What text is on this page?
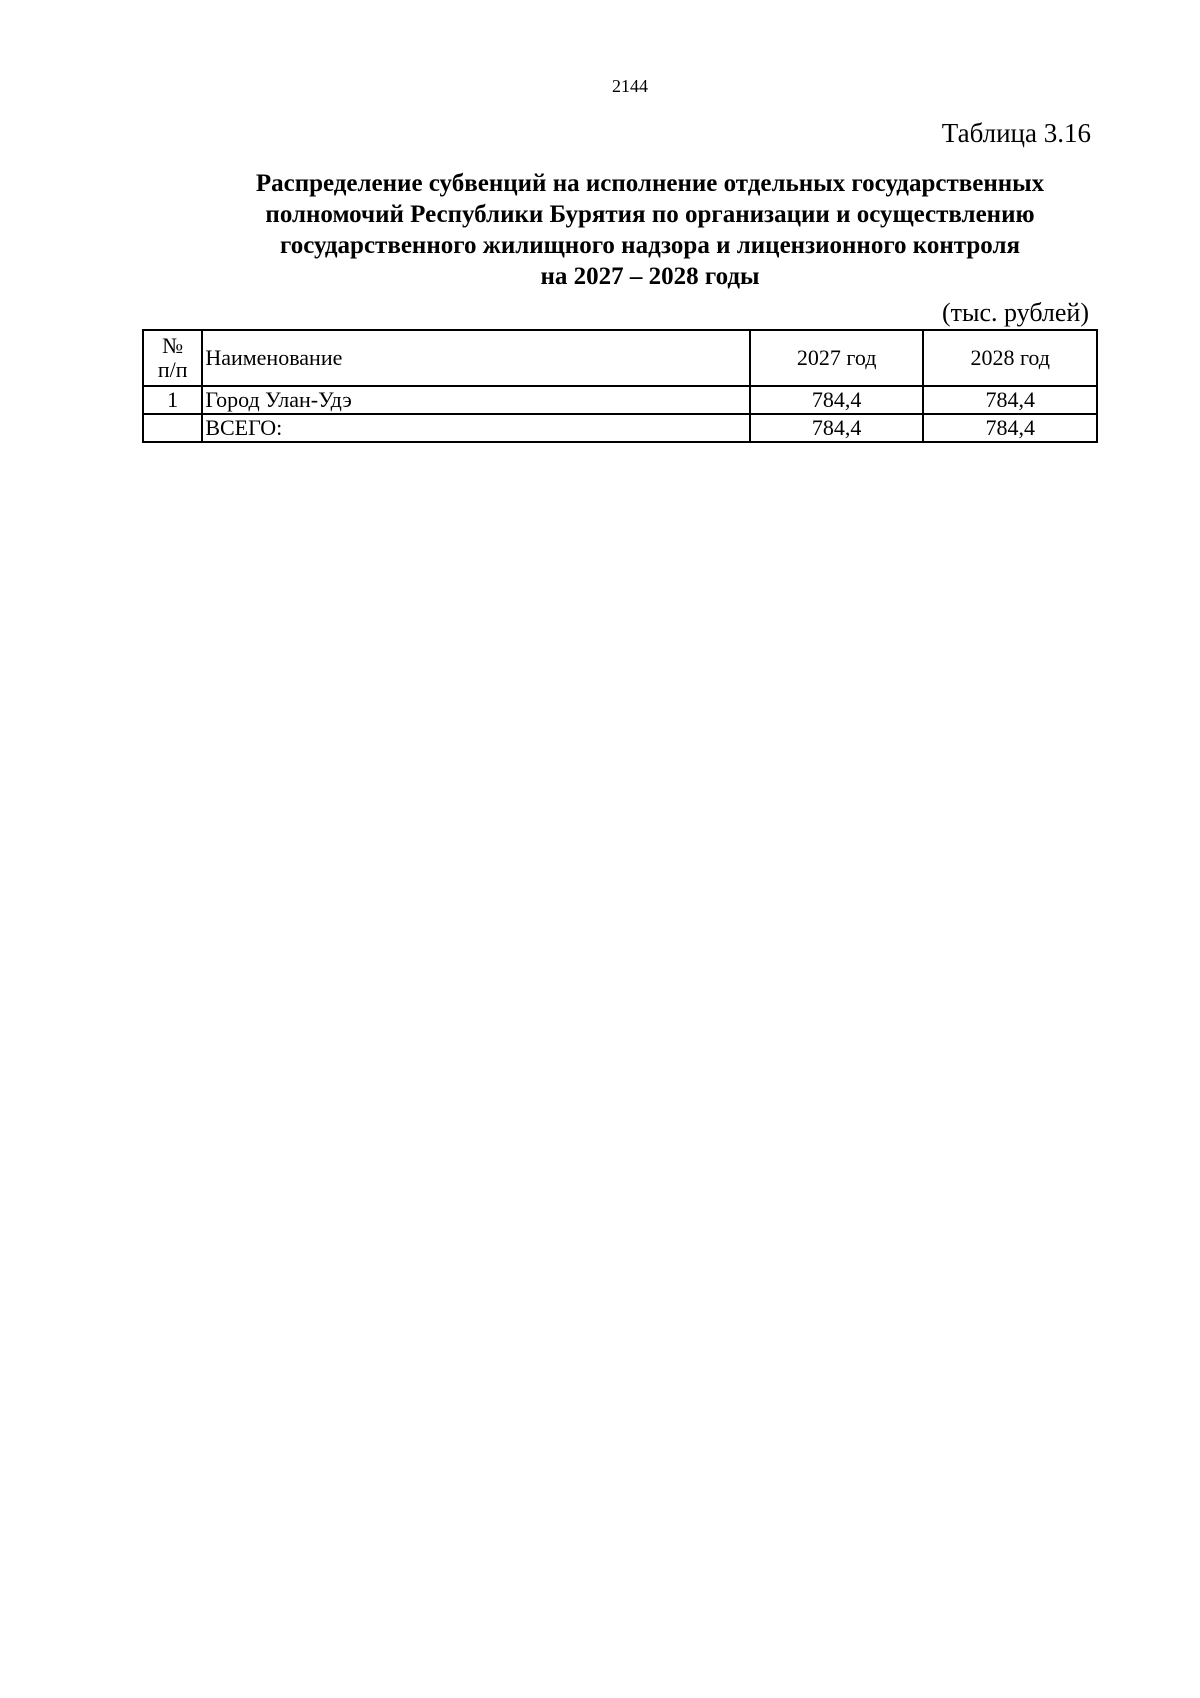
2144
Таблица 3.16
Распределение субвенций на исполнение отдельных государственных
полномочий Республики Бурятия по организации и осуществлению
государственного жилищного надзора и лицензионного контроля
на 2027 – 2028 годы
(тыс. рублей)
№
п/п	Наименование	2027 год	2028 год
1	Город Улан-Удэ	784,4	784,4
	ВСЕГО:	784,4	784,4
